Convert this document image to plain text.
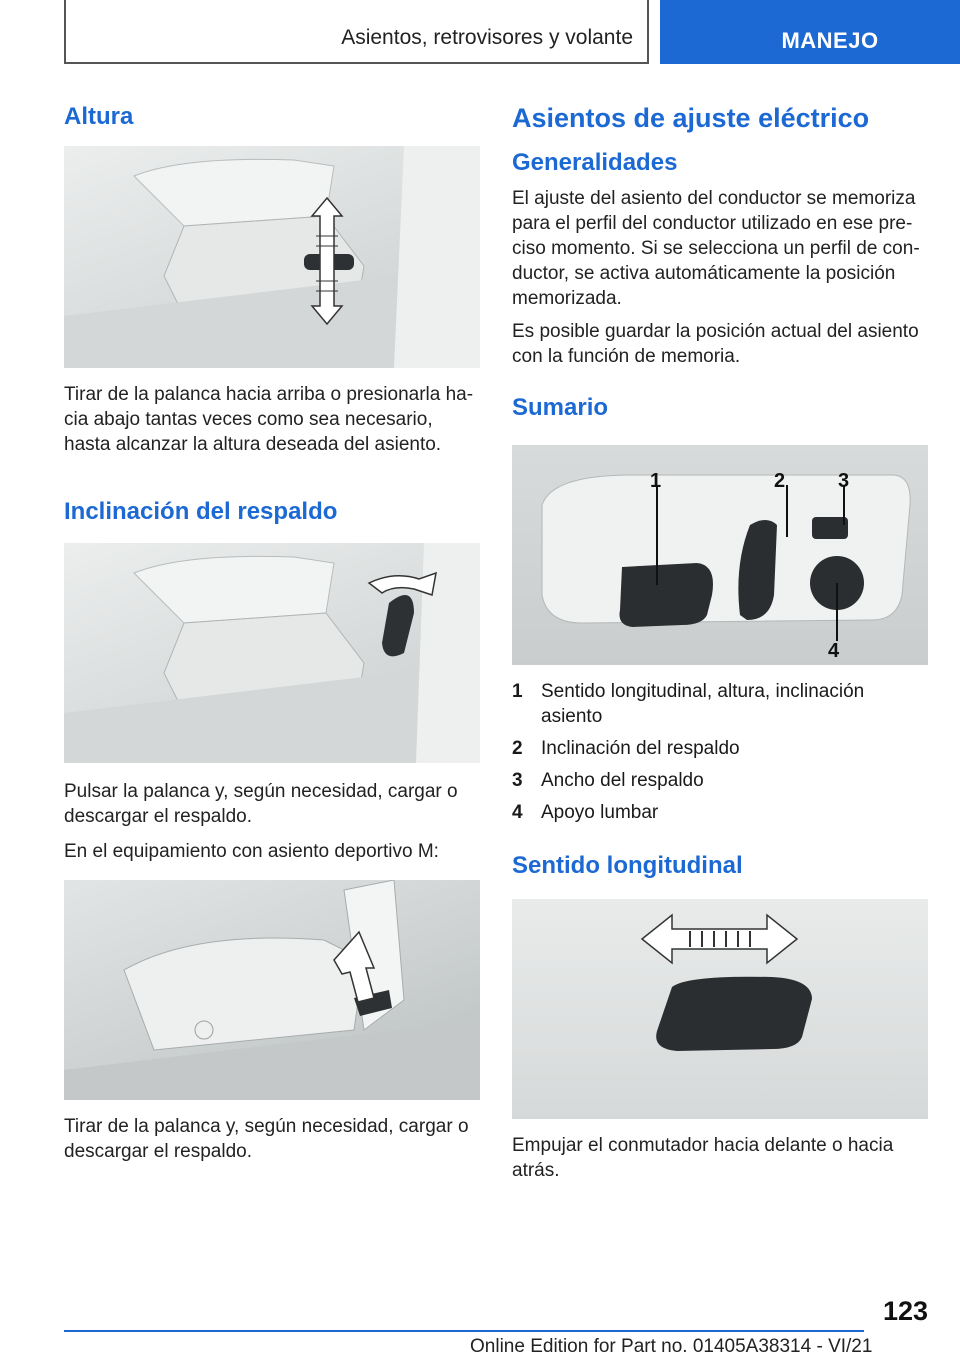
Asientos, retrovisores y volante	MANEJO
Altura

Tirar de la palanca hacia arriba o presionarla ha-cia abajo tantas veces como sea necesario, hasta alcanzar la altura deseada del asiento.

Inclinación del respaldo

Pulsar la palanca y, según necesidad, cargar o descargar el respaldo.

En el equipamiento con asiento deportivo M:

Tirar de la palanca y, según necesidad, cargar o descargar el respaldo.

Asientos de ajuste eléctrico
Generalidades

El ajuste del asiento del conductor se memoriza para el perfil del conductor utilizado en ese pre-ciso momento. Si se selecciona un perfil de con-ductor, se activa automáticamente la posición memorizada.

Es posible guardar la posición actual del asiento con la función de memoria.

Sumario
1	2	3
4
1 Sentido longitudinal, altura, inclinación asiento
2 Inclinación del respaldo
3 Ancho del respaldo
4 Apoyo lumbar
Sentido longitudinal

Empujar el conmutador hacia delante o hacia atrás.

123
Online Edition for Part no. 01405A38314 - VI/21
